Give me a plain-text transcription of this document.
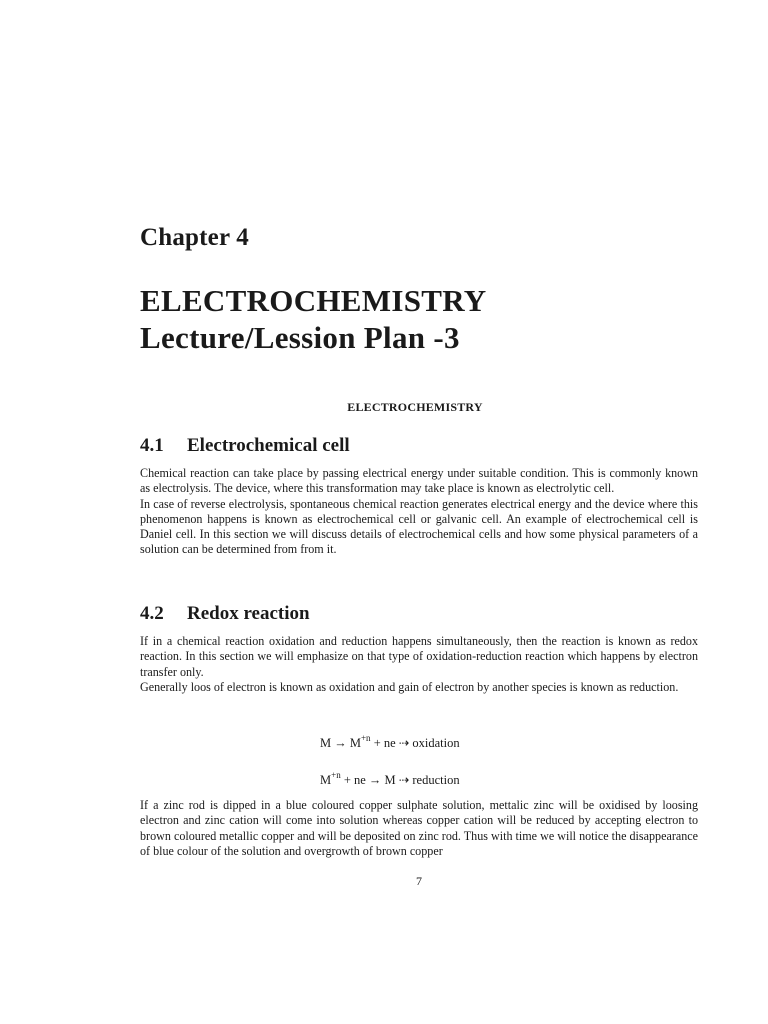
Chapter 4
ELECTROCHEMISTRY
Lecture/Lession Plan -3
ELECTROCHEMISTRY
4.1 Electrochemical cell

Chemical reaction can take place by passing electrical energy under suitable condition. This is commonly known as electrolysis. The device, where this transformation may take place is known as electrolytic cell.

In case of reverse electrolysis, spontaneous chemical reaction generates electrical energy and the device where this phenomenon happens is known as electrochemical cell or galvanic cell. An example of electrochemical cell is Daniel cell. In this section we will discuss details of electrochemical cells and how some physical parameters of a solution can be determined from from it.

4.2 Redox reaction

If in a chemical reaction oxidation and reduction happens simultaneously, then the reaction is known as redox reaction. In this section we will emphasize on that type of oxidation-reduction reaction which happens by electron transfer only.

Generally loos of electron is known as oxidation and gain of electron by another species is known as reduction.

$M \to M^{+n}$ + ne ⇢ oxidation
$M^{+n}$ + ne → M ⇢ reduction

If a zinc rod is dipped in a blue coloured copper sulphate solution, mettalic zinc will be oxidised by loosing electron and zinc cation will come into solution whereas copper cation will be reduced by accepting electron to brown coloured metallic copper and will be deposited on zinc rod. Thus with time we will notice the disappearance of blue colour of the solution and overgrowth of brown copper

7
